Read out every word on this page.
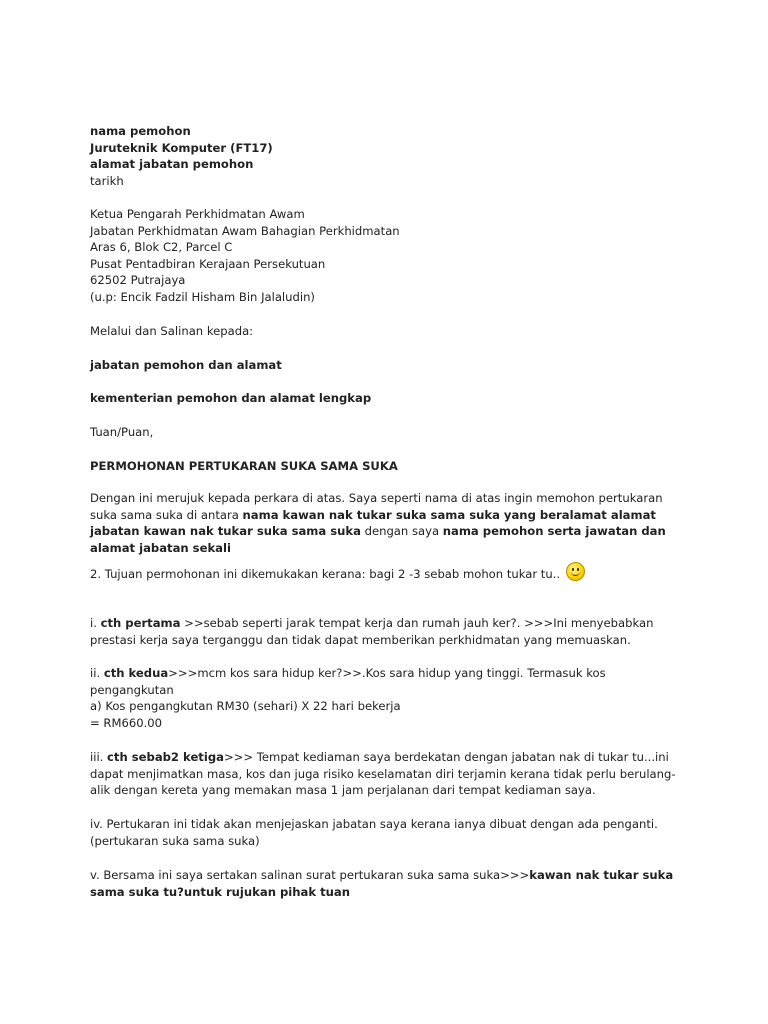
nama pemohon
Juruteknik Komputer (FT17)
alamat jabatan pemohon
tarikh
Ketua Pengarah Perkhidmatan Awam
Jabatan Perkhidmatan Awam Bahagian Perkhidmatan
Aras 6, Blok C2, Parcel C
Pusat Pentadbiran Kerajaan Persekutuan
62502 Putrajaya
(u.p: Encik Fadzil Hisham Bin Jalaludin)
Melalui dan Salinan kepada:
jabatan pemohon dan alamat
kementerian pemohon dan alamat lengkap
Tuan/Puan,
PERMOHONAN PERTUKARAN SUKA SAMA SUKA

Dengan ini merujuk kepada perkara di atas. Saya seperti nama di atas ingin memohon pertukaran suka sama suka di antara nama kawan nak tukar suka sama suka yang beralamat alamat jabatan kawan nak tukar suka sama suka dengan saya nama pemohon serta jawatan dan alamat jabatan sekali

2. Tujuan permohonan ini dikemukakan kerana: bagi 2 -3 sebab mohon tukar tu..

i. cth pertama >>sebab seperti jarak tempat kerja dan rumah jauh ker?. >>>Ini menyebabkan prestasi kerja saya terganggu dan tidak dapat memberikan perkhidmatan yang memuaskan.

ii. cth kedua>>>mcm kos sara hidup ker?>>.Kos sara hidup yang tinggi. Termasuk kos pengangkutan
a) Kos pengangkutan RM30 (sehari) X 22 hari bekerja
= RM660.00

iii. cth sebab2 ketiga>>> Tempat kediaman saya berdekatan dengan jabatan nak di tukar tu...ini dapat menjimatkan masa, kos dan juga risiko keselamatan diri terjamin kerana tidak perlu berulang-alik dengan kereta yang memakan masa 1 jam perjalanan dari tempat kediaman saya.

iv. Pertukaran ini tidak akan menjejaskan jabatan saya kerana ianya dibuat dengan ada penganti.(pertukaran suka sama suka)

v. Bersama ini saya sertakan salinan surat pertukaran suka sama suka>>>kawan nak tukar suka sama suka tu?untuk rujukan pihak tuan
